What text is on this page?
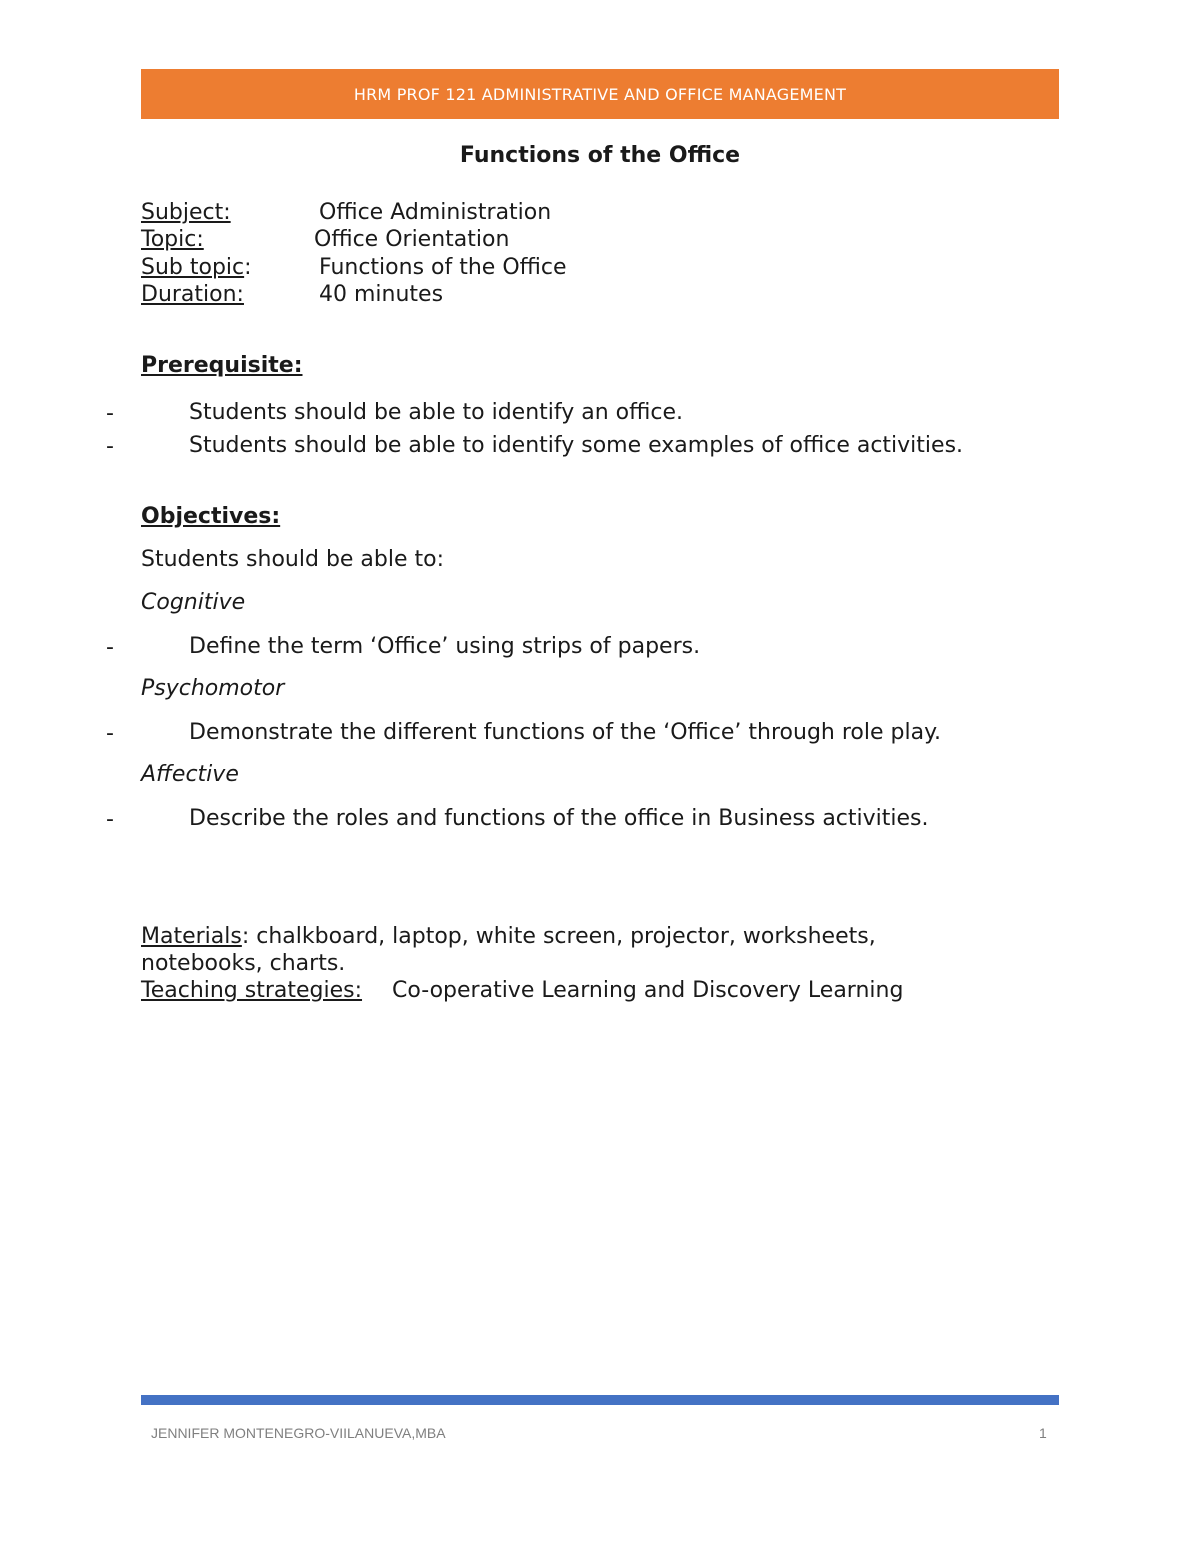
HRM PROF 121 ADMINISTRATIVE AND OFFICE MANAGEMENT
Functions of the Office
Subject:	Office Administration
Topic:	Office Orientation
Sub topic:	Functions of the Office
Duration:	40 minutes
Prerequisite:
-	Students should be able to identify an office.
-	Students should be able to identify some examples of office activities.
Objectives:
Students should be able to:
Cognitive
-	Define the term ‘Office’ using strips of papers.
Psychomotor
-	Demonstrate the different functions of the ‘Office’ through role play.
Affective
-	Describe the roles and functions of the office in Business activities.
Materials: chalkboard, laptop, white screen, projector, worksheets,
notebooks, charts.
Teaching strategies: Co-operative Learning and Discovery Learning
JENNIFER MONTENEGRO-VIILANUEVA,MBA	1
